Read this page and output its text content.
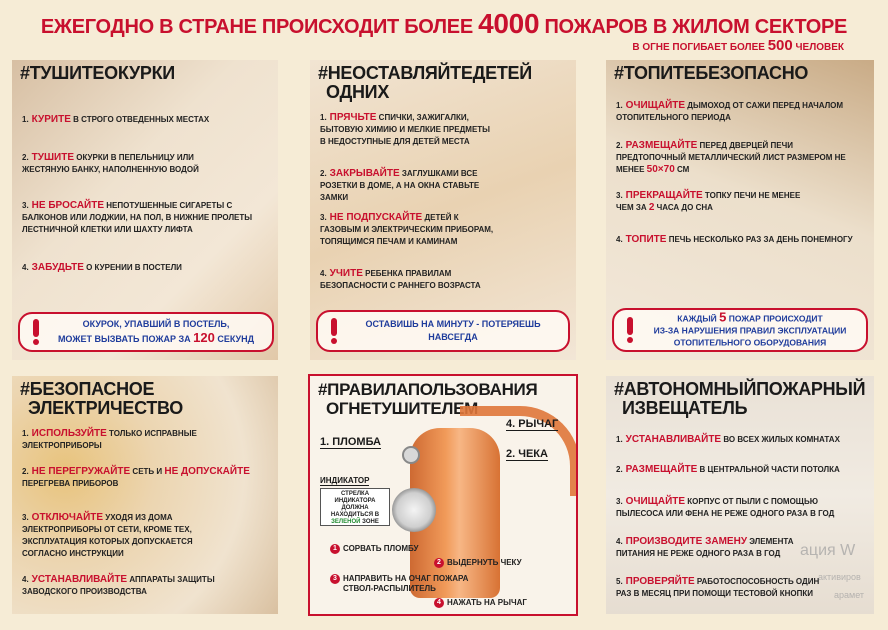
ЕЖЕГОДНО В СТРАНЕ ПРОИСХОДИТ БОЛЕЕ 4000 ПОЖАРОВ В ЖИЛОМ СЕКТОРЕ
В ОГНЕ ПОГИБАЕТ БОЛЕЕ 500 ЧЕЛОВЕК
#ТУШИТЕОКУРКИ
1. КУРИТЕ В СТРОГО ОТВЕДЕННЫХ МЕСТАХ
2. ТУШИТЕ ОКУРКИ В ПЕПЕЛЬНИЦУ ИЛИ ЖЕСТЯНУЮ БАНКУ, НАПОЛНЕННУЮ ВОДОЙ
3. НЕ БРОСАЙТЕ НЕПОТУШЕННЫЕ СИГАРЕТЫ С БАЛКОНОВ ИЛИ ЛОДЖИИ, НА ПОЛ, В НИЖНИЕ ПРОЛЕТЫ ЛЕСТНИЧНОЙ КЛЕТКИ ИЛИ ШАХТУ ЛИФТА
4. ЗАБУДЬТЕ О КУРЕНИИ В ПОСТЕЛИ
ОКУРОК, УПАВШИЙ В ПОСТЕЛЬ,
МОЖЕТ ВЫЗВАТЬ ПОЖАР ЗА 120 СЕКУНД
#НЕОСТАВЛЯЙТЕДЕТЕЙ
ОДНИХ
1. ПРЯЧЬТЕ СПИЧКИ, ЗАЖИГАЛКИ, БЫТОВУЮ ХИМИЮ И МЕЛКИЕ ПРЕДМЕТЫ В НЕДОСТУПНЫЕ ДЛЯ ДЕТЕЙ МЕСТА
2. ЗАКРЫВАЙТЕ ЗАГЛУШКАМИ ВСЕ РОЗЕТКИ В ДОМЕ, А НА ОКНА СТАВЬТЕ ЗАМКИ
3. НЕ ПОДПУСКАЙТЕ ДЕТЕЙ К ГАЗОВЫМ И ЭЛЕКТРИЧЕСКИМ ПРИБОРАМ, ТОПЯЩИМСЯ ПЕЧАМ И КАМИНАМ
4. УЧИТЕ РЕБЕНКА ПРАВИЛАМ БЕЗОПАСНОСТИ С РАННЕГО ВОЗРАСТА
ОСТАВИШЬ НА МИНУТУ - ПОТЕРЯЕШЬ
НАВСЕГДА
#ТОПИТЕБЕЗОПАСНО
1. ОЧИЩАЙТЕ ДЫМОХОД ОТ САЖИ ПЕРЕД НАЧАЛОМ ОТОПИТЕЛЬНОГО ПЕРИОДА
2. РАЗМЕЩАЙТЕ ПЕРЕД ДВЕРЦЕЙ ПЕЧИ ПРЕДТОПОЧНЫЙ МЕТАЛЛИЧЕСКИЙ ЛИСТ РАЗМЕРОМ НЕ МЕНЕЕ 50×70 СМ
3. ПРЕКРАЩАЙТЕ ТОПКУ ПЕЧИ НЕ МЕНЕЕ ЧЕМ ЗА 2 ЧАСА ДО СНА
4. ТОПИТЕ ПЕЧЬ НЕСКОЛЬКО РАЗ ЗА ДЕНЬ ПОНЕМНОГУ
КАЖДЫЙ 5 ПОЖАР ПРОИСХОДИТ
ИЗ-ЗА НАРУШЕНИЯ ПРАВИЛ ЭКСПЛУАТАЦИИ
ОТОПИТЕЛЬНОГО ОБОРУДОВАНИЯ
#БЕЗОПАСНОЕ
ЭЛЕКТРИЧЕСТВО
1. ИСПОЛЬЗУЙТЕ ТОЛЬКО ИСПРАВНЫЕ ЭЛЕКТРОПРИБОРЫ
2. НЕ ПЕРЕГРУЖАЙТЕ СЕТЬ И НЕ ДОПУСКАЙТЕ ПЕРЕГРЕВА ПРИБОРОВ
3. ОТКЛЮЧАЙТЕ УХОДЯ ИЗ ДОМА ЭЛЕКТРОПРИБОРЫ ОТ СЕТИ, КРОМЕ ТЕХ, ЭКСПЛУАТАЦИЯ КОТОРЫХ ДОПУСКАЕТСЯ СОГЛАСНО ИНСТРУКЦИИ
4. УСТАНАВЛИВАЙТЕ АППАРАТЫ ЗАЩИТЫ ЗАВОДСКОГО ПРОИЗВОДСТВА
#ПРАВИЛАПОЛЬЗОВАНИЯ
ОГНЕТУШИТЕЛЕМ
4. РЫЧАГ
1. ПЛОМБА
2. ЧЕКА
ИНДИКАТОР
СТРЕЛКА ИНДИКАТОРА ДОЛЖНА НАХОДИТЬСЯ В ЗЕЛЕНОЙ ЗОНЕ
1 СОРВАТЬ ПЛОМБУ
2 ВЫДЕРНУТЬ ЧЕКУ
3 НАПРАВИТЬ НА ОЧАГ ПОЖАРА
СТВОЛ-РАСПЫЛИТЕЛЬ
4 НАЖАТЬ НА РЫЧАГ
#АВТОНОМНЫЙПОЖАРНЫЙ
ИЗВЕЩАТЕЛЬ
1. УСТАНАВЛИВАЙТЕ ВО ВСЕХ ЖИЛЫХ КОМНАТАХ
2. РАЗМЕЩАЙТЕ В ЦЕНТРАЛЬНОЙ ЧАСТИ ПОТОЛКА
3. ОЧИЩАЙТЕ КОРПУС ОТ ПЫЛИ С ПОМОЩЬЮ ПЫЛЕСОСА ИЛИ ФЕНА НЕ РЕЖЕ ОДНОГО РАЗА В ГОД
4. ПРОИЗВОДИТЕ ЗАМЕНУ ЭЛЕМЕНТА ПИТАНИЯ НЕ РЕЖЕ ОДНОГО РАЗА В ГОД
5. ПРОВЕРЯЙТЕ РАБОТОСПОСОБНОСТЬ ОДИН РАЗ В МЕСЯЦ ПРИ ПОМОЩИ ТЕСТОВОЙ КНОПКИ
ация W
активиров
арамет
